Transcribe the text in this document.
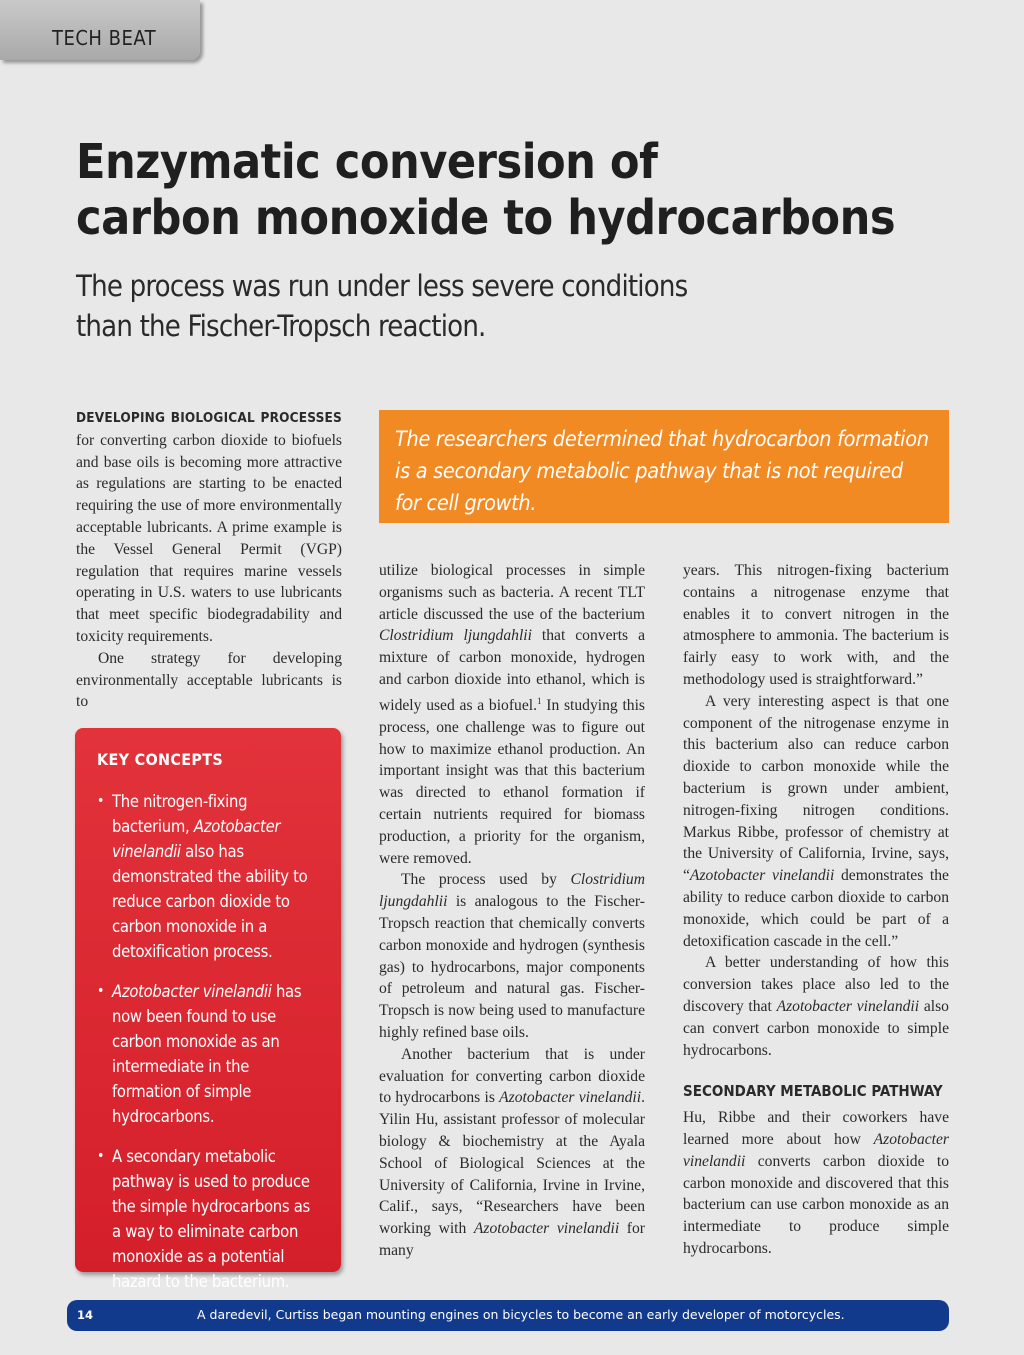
TECH BEAT
Enzymatic conversion of
carbon monoxide to hydrocarbons
The process was run under less severe conditions
than the Fischer-Tropsch reaction.

DEVELOPING BIOLOGICAL PROCESSES for converting carbon dioxide to biofuels and base oils is becoming more attractive as regulations are starting to be enacted requiring the use of more environmentally acceptable lubricants. A prime example is the Vessel General Permit (VGP) regulation that requires marine vessels operating in U.S. waters to use lubricants that meet specific biodegradability and toxicity requirements.

One strategy for developing environmentally acceptable lubricants is to

The researchers determined that hydrocarbon formation
is a secondary metabolic pathway that is not required
for cell growth.
KEY CONCEPTS
• The nitrogen-fixing bacterium, Azotobacter vinelandii also has demonstrated the ability to reduce carbon dioxide to carbon monoxide in a detoxification process.
• Azotobacter vinelandii has now been found to use carbon monoxide as an intermediate in the formation of simple hydrocarbons.
• A secondary metabolic pathway is used to produce the simple hydrocarbons as a way to eliminate carbon monoxide as a potential hazard to the bacterium.

utilize biological processes in simple organisms such as bacteria. A recent TLT article discussed the use of the bacterium Clostridium ljungdahlii that converts a mixture of carbon monoxide, hydrogen and carbon dioxide into ethanol, which is widely used as a biofuel.$^1$ In studying this process, one challenge was to figure out how to maximize ethanol production. An important insight was that this bacterium was directed to ethanol formation if certain nutrients required for biomass production, a priority for the organism, were removed.

The process used by Clostridium ljungdahlii is analogous to the Fischer-Tropsch reaction that chemically converts carbon monoxide and hydrogen (synthesis gas) to hydrocarbons, major components of petroleum and natural gas. Fischer-Tropsch is now being used to manufacture highly refined base oils.

Another bacterium that is under evaluation for converting carbon dioxide to hydrocarbons is Azotobacter vinelandii. Yilin Hu, assistant professor of molecular biology & biochemistry at the Ayala School of Biological Sciences at the University of California, Irvine in Irvine, Calif., says, “Researchers have been working with Azotobacter vinelandii for many

years. This nitrogen-fixing bacterium contains a nitrogenase enzyme that enables it to convert nitrogen in the atmosphere to ammonia. The bacterium is fairly easy to work with, and the methodology used is straightforward.”

A very interesting aspect is that one component of the nitrogenase enzyme in this bacterium also can reduce carbon dioxide to carbon monoxide while the bacterium is grown under ambient, nitrogen-fixing nitrogen conditions. Markus Ribbe, professor of chemistry at the University of California, Irvine, says, “Azotobacter vinelandii demonstrates the ability to reduce carbon dioxide to carbon monoxide, which could be part of a detoxification cascade in the cell.”

A better understanding of how this conversion takes place also led to the discovery that Azotobacter vinelandii also can convert carbon monoxide to simple hydrocarbons.

SECONDARY METABOLIC PATHWAY

Hu, Ribbe and their coworkers have learned more about how Azotobacter vinelandii converts carbon dioxide to carbon monoxide and discovered that this bacterium can use carbon monoxide as an intermediate to produce simple hydrocarbons.

14	A daredevil, Curtiss began mounting engines on bicycles to become an early developer of motorcycles.
